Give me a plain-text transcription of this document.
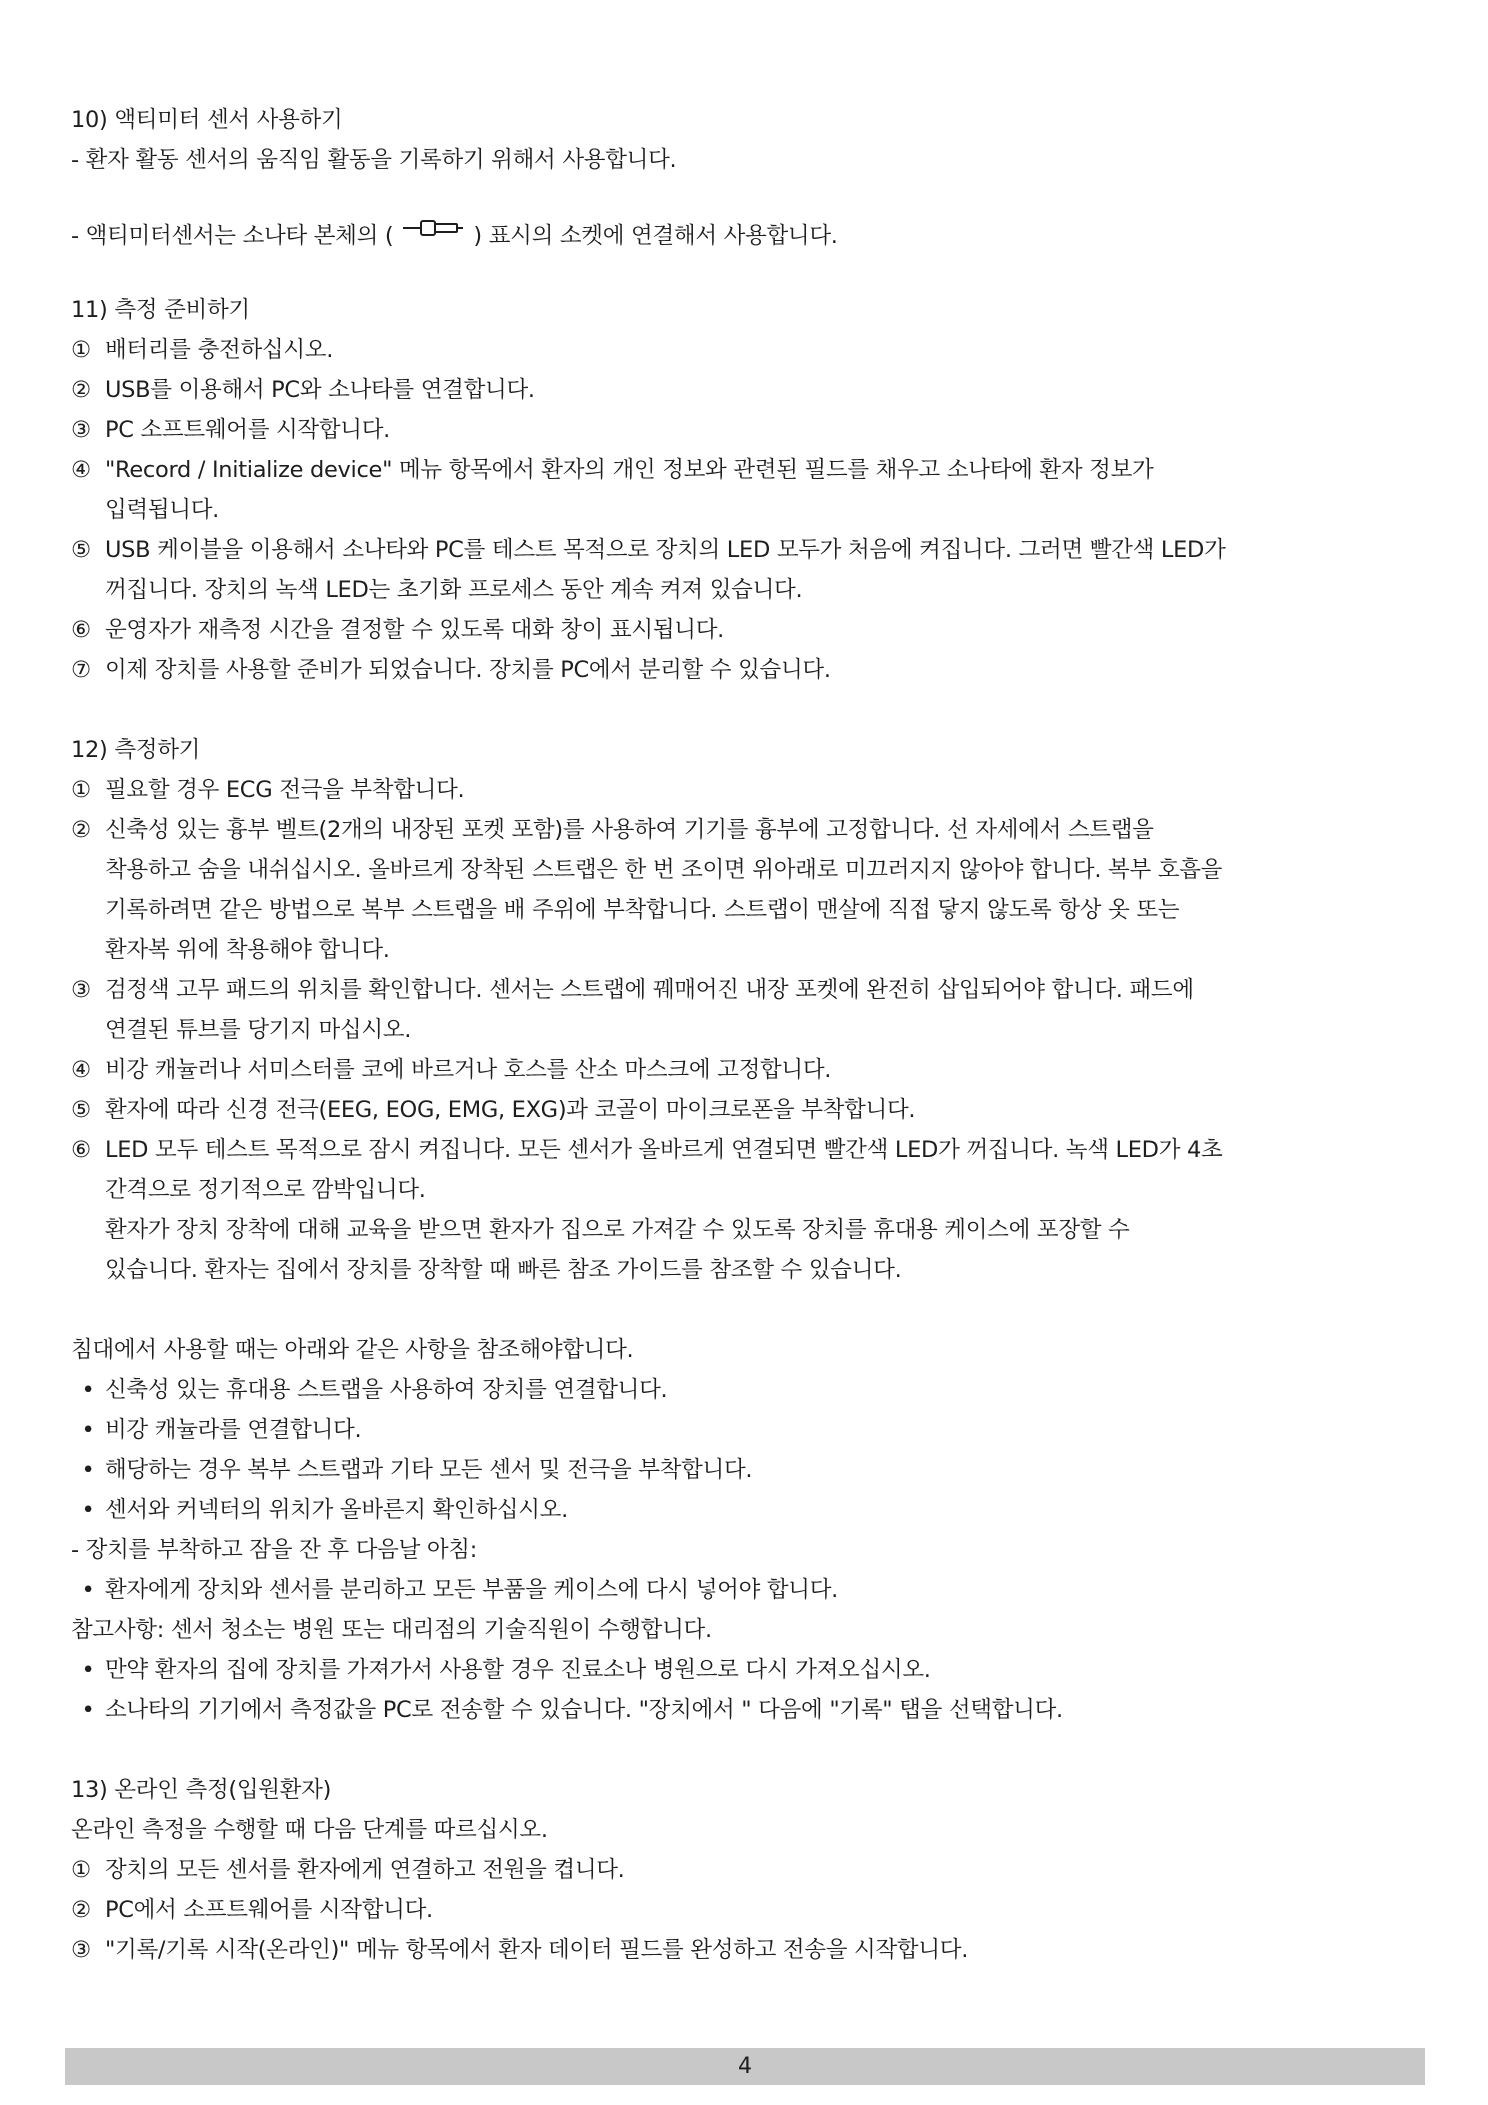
10) 액티미터 센서 사용하기
- 환자 활동 센서의 움직임 활동을 기록하기 위해서 사용합니다.
- 액티미터센서는 소나타 본체의 (	) 표시의 소켓에 연결해서 사용합니다.
11) 측정 준비하기
① 배터리를 충전하십시오.
② USB를 이용해서 PC와 소나타를 연결합니다.
③ PC 소프트웨어를 시작합니다.
④ "Record / Initialize device" 메뉴 항목에서 환자의 개인 정보와 관련된 필드를 채우고 소나타에 환자 정보가
입력됩니다.
⑤ USB 케이블을 이용해서 소나타와 PC를 테스트 목적으로 장치의 LED 모두가 처음에 켜집니다. 그러면 빨간색 LED가
꺼집니다. 장치의 녹색 LED는 초기화 프로세스 동안 계속 켜져 있습니다.
⑥ 운영자가 재측정 시간을 결정할 수 있도록 대화 창이 표시됩니다.
⑦ 이제 장치를 사용할 준비가 되었습니다. 장치를 PC에서 분리할 수 있습니다.
12) 측정하기
① 필요할 경우 ECG 전극을 부착합니다.
② 신축성 있는 흉부 벨트(2개의 내장된 포켓 포함)를 사용하여 기기를 흉부에 고정합니다. 선 자세에서 스트랩을
착용하고 숨을 내쉬십시오. 올바르게 장착된 스트랩은 한 번 조이면 위아래로 미끄러지지 않아야 합니다. 복부 호흡을
기록하려면 같은 방법으로 복부 스트랩을 배 주위에 부착합니다. 스트랩이 맨살에 직접 닿지 않도록 항상 옷 또는
환자복 위에 착용해야 합니다.
③ 검정색 고무 패드의 위치를 확인합니다. 센서는 스트랩에 꿰매어진 내장 포켓에 완전히 삽입되어야 합니다. 패드에
연결된 튜브를 당기지 마십시오.
④ 비강 캐뉼러나 서미스터를 코에 바르거나 호스를 산소 마스크에 고정합니다.
⑤ 환자에 따라 신경 전극(EEG, EOG, EMG, EXG)과 코골이 마이크로폰을 부착합니다.
⑥ LED 모두 테스트 목적으로 잠시 켜집니다. 모든 센서가 올바르게 연결되면 빨간색 LED가 꺼집니다. 녹색 LED가 4초
간격으로 정기적으로 깜박입니다.
환자가 장치 장착에 대해 교육을 받으면 환자가 집으로 가져갈 수 있도록 장치를 휴대용 케이스에 포장할 수
있습니다. 환자는 집에서 장치를 장착할 때 빠른 참조 가이드를 참조할 수 있습니다.
침대에서 사용할 때는 아래와 같은 사항을 참조해야합니다.
• 신축성 있는 휴대용 스트랩을 사용하여 장치를 연결합니다.
• 비강 캐뉼라를 연결합니다.
• 해당하는 경우 복부 스트랩과 기타 모든 센서 및 전극을 부착합니다.
• 센서와 커넥터의 위치가 올바른지 확인하십시오.
- 장치를 부착하고 잠을 잔 후 다음날 아침:
• 환자에게 장치와 센서를 분리하고 모든 부품을 케이스에 다시 넣어야 합니다.
참고사항: 센서 청소는 병원 또는 대리점의 기술직원이 수행합니다.
• 만약 환자의 집에 장치를 가져가서 사용할 경우 진료소나 병원으로 다시 가져오십시오.
• 소나타의 기기에서 측정값을 PC로 전송할 수 있습니다. "장치에서 " 다음에 "기록" 탭을 선택합니다.
13) 온라인 측정(입원환자)
온라인 측정을 수행할 때 다음 단계를 따르십시오.
① 장치의 모든 센서를 환자에게 연결하고 전원을 켭니다.
② PC에서 소프트웨어를 시작합니다.
③ "기록/기록 시작(온라인)" 메뉴 항목에서 환자 데이터 필드를 완성하고 전송을 시작합니다.
4
